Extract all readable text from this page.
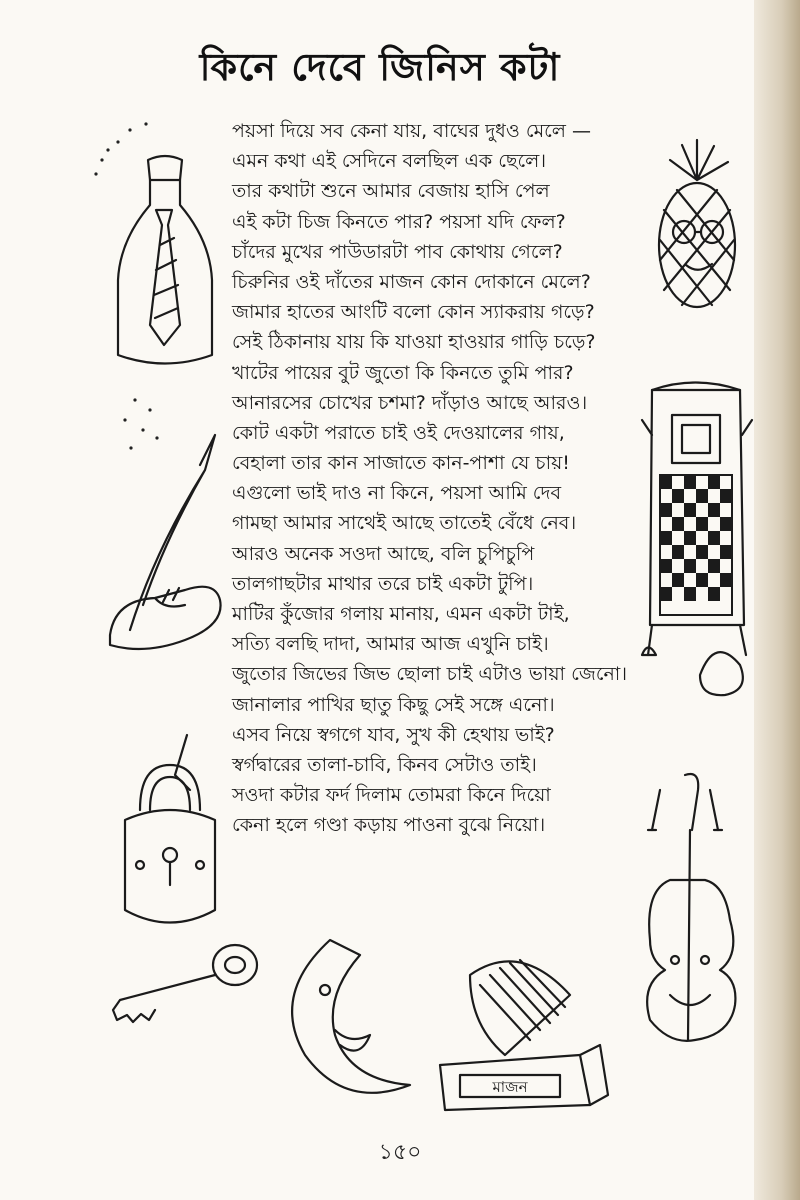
কিনে দেবে জিনিস কটা
পয়সা দিয়ে সব কেনা যায়, বাঘের দুধও মেলে —
এমন কথা এই সেদিনে বলছিল এক ছেলে।
তার কথাটা শুনে আমার বেজায় হাসি পেল
এই কটা চিজ কিনতে পার? পয়সা যদি ফেল?
চাঁদের মুখের পাউডারটা পাব কোথায় গেলে?
চিরুনির ওই দাঁতের মাজন কোন দোকানে মেলে?
জামার হাতের আংটি বলো কোন স্যাকরায় গড়ে?
সেই ঠিকানায় যায় কি যাওয়া হাওয়ার গাড়ি চড়ে?
খাটের পায়ের বুট জুতো কি কিনতে তুমি পার?
আনারসের চোখের চশমা? দাঁড়াও আছে আরও।
কোট একটা পরাতে চাই ওই দেওয়ালের গায়,
বেহালা তার কান সাজাতে কান-পাশা যে চায়!
এগুলো ভাই দাও না কিনে, পয়সা আমি দেব
গামছা আমার সাথেই আছে তাতেই বেঁধে নেব।
আরও অনেক সওদা আছে, বলি চুপিচুপি
তালগাছটার মাথার তরে চাই একটা টুপি।
মাটির কুঁজোর গলায় মানায়, এমন একটা টাই,
সত্যি বলছি দাদা, আমার আজ এখুনি চাই।
জুতোর জিভের জিভ ছোলা চাই এটাও ভায়া জেনো।
জানালার পাখির ছাতু কিছু সেই সঙ্গে এনো।
এসব নিয়ে স্বগগে যাব, সুখ কী হেথায় ভাই?
স্বর্গদ্বারের তালা-চাবি, কিনব সেটাও তাই।
সওদা কটার ফর্দ দিলাম তোমরা কিনে দিয়ো
কেনা হলে গণ্ডা কড়ায় পাওনা বুঝে নিয়ো।
মাজন
১৫০
